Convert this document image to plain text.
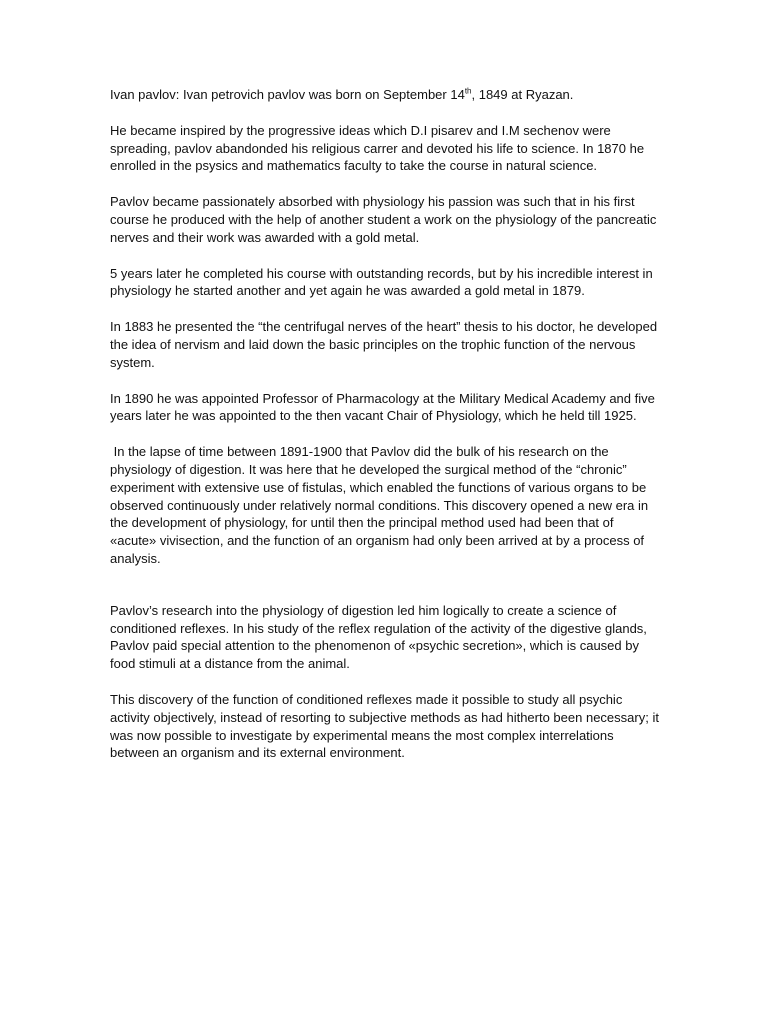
Ivan pavlov: Ivan petrovich pavlov was born on September 14th, 1849 at Ryazan.

He became inspired by the progressive ideas which D.I pisarev and I.M sechenov were spreading, pavlov abandonded his religious carrer and devoted his life to science. In 1870 he enrolled in the psysics and mathematics faculty to take the course in natural science.

Pavlov became passionately absorbed with physiology his passion was such that in his first course he produced with the help of another student a work on the physiology of the pancreatic nerves and their work was awarded with a gold metal.

5 years later he completed his course with outstanding records, but by his incredible interest in physiology he started another and yet again he was awarded a gold metal in 1879.

In 1883 he presented the “the centrifugal nerves of the heart” thesis to his doctor, he developed the idea of nervism and laid down the basic principles on the trophic function of the nervous system.

In 1890 he was appointed Professor of Pharmacology at the Military Medical Academy and five years later he was appointed to the then vacant Chair of Physiology, which he held till 1925.

In the lapse of time between 1891-1900 that Pavlov did the bulk of his research on the physiology of digestion. It was here that he developed the surgical method of the “chronic” experiment with extensive use of fistulas, which enabled the functions of various organs to be observed continuously under relatively normal conditions. This discovery opened a new era in the development of physiology, for until then the principal method used had been that of «acute» vivisection, and the function of an organism had only been arrived at by a process of analysis.

Pavlov’s research into the physiology of digestion led him logically to create a science of conditioned reflexes. In his study of the reflex regulation of the activity of the digestive glands, Pavlov paid special attention to the phenomenon of «psychic secretion», which is caused by food stimuli at a distance from the animal.

This discovery of the function of conditioned reflexes made it possible to study all psychic activity objectively, instead of resorting to subjective methods as had hitherto been necessary; it was now possible to investigate by experimental means the most complex interrelations between an organism and its external environment.
